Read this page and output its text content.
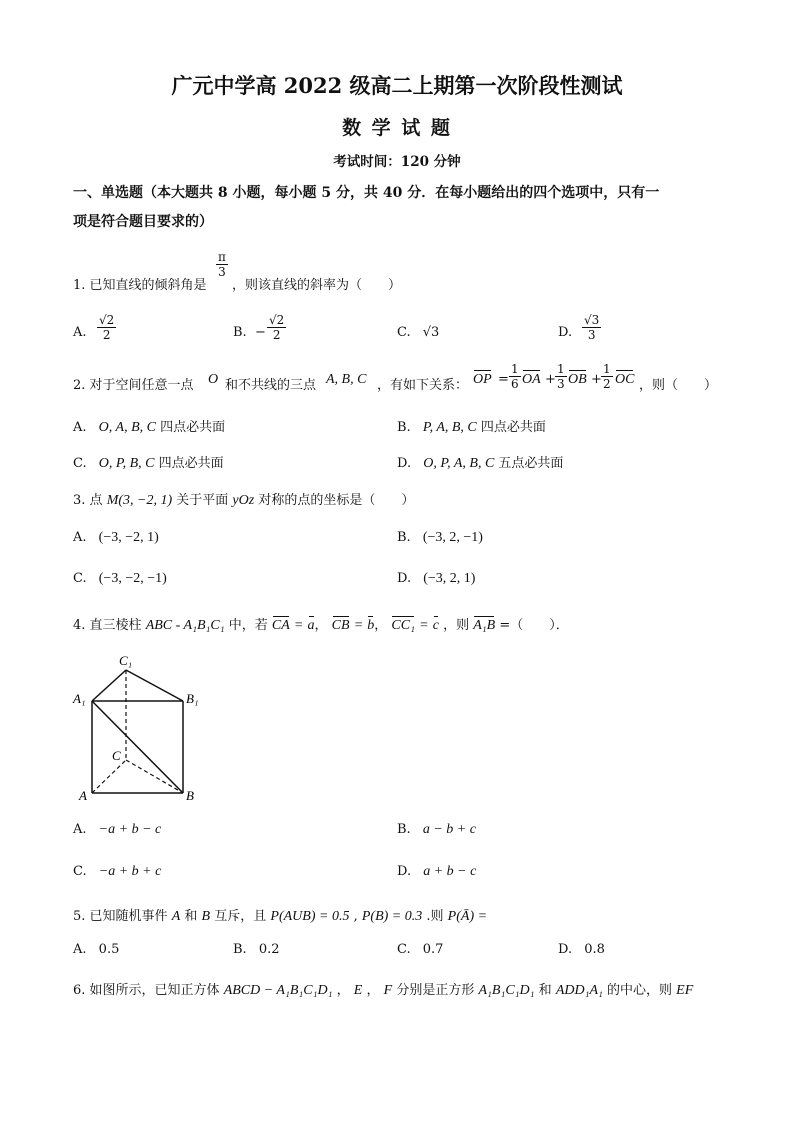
广元中学高 2022 级高二上期第一次阶段性测试
数 学 试 题
考试时间：120 分钟
一、单选题（本大题共 8 小题，每小题 5 分，共 40 分．在每小题给出的四个选项中，只有一
项是符合题目要求的）
1. 已知直线的倾斜角是
$\frac{\pi}{3}$
，则该直线的斜率为（　　）
A. $\frac{√2}{2}$	B. − $\frac{√2}{2}$	C. √3	D. $\frac{√3}{3}$
2. 对于空间任意一点 O 和不共线的三点 A, B, C ，有如下关系： OP = $\frac{1}{6}$ OA + $\frac{1}{3}$ OB + $\frac{1}{2}$ OC ，则（　　）
A. O, A, B, C 四点必共面	B. P, A, B, C 四点必共面
C. O, P, B, C 四点必共面	D. O, P, A, B, C 五点必共面
3. 点 M(3, −2, 1) 关于平面 yOz 对称的点的坐标是（　　）
A. (−3, −2, 1)	B. (−3, 2, −1)
C. (−3, −2, −1)	D. (−3, 2, 1)
4. 直三棱柱 ABC - A₁B₁C₁ 中，若 CA = a， CB = b， CC₁ = c ，则 A₁B =（　　）．
C₁
A₁	B₁
C
A	B
A. −a + b − c	B. a − b + c
C. −a + b + c	D. a + b − c
5. 已知随机事件 A 和 B 互斥，且 P(AUB) = 0.5 , P(B) = 0.3 .则 P(Ā) =
A. 0.5	B. 0.2	C. 0.7	D. 0.8
6. 如图所示，已知正方体 ABCD − A₁B₁C₁D₁ ， E ， F 分别是正方形 A₁B₁C₁D₁ 和 ADD₁A₁ 的中心，则 EF
